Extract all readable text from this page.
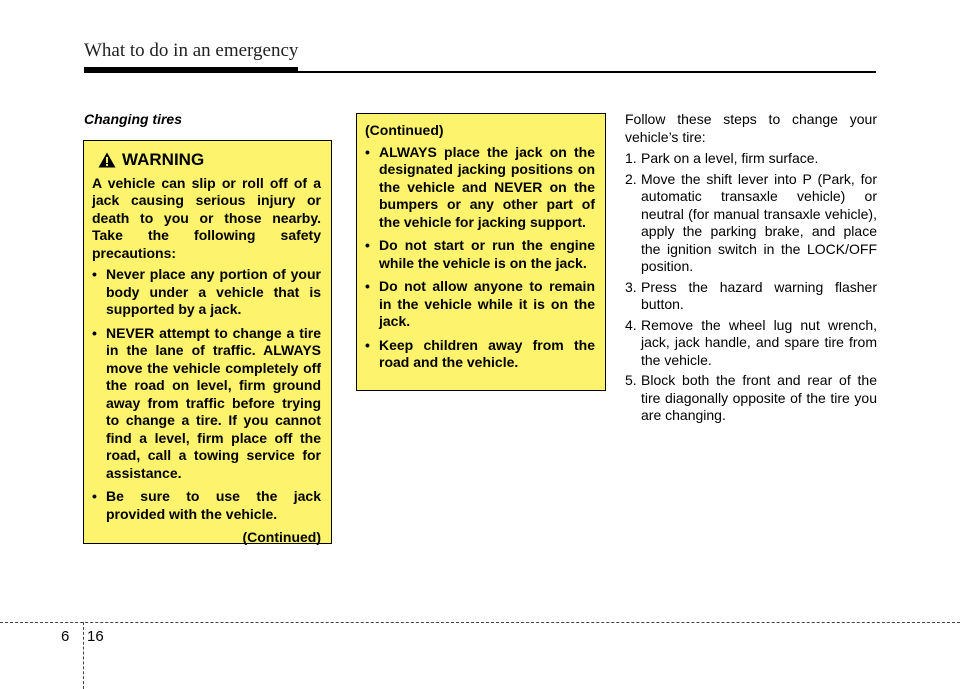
What to do in an emergency
Changing tires
WARNING

A vehicle can slip or roll off of a jack causing serious injury or death to you or those nearby. Take the following safety precautions:

• Never place any portion of your body under a vehicle that is supported by a jack.
• NEVER attempt to change a tire in the lane of traffic. ALWAYS move the vehicle completely off the road on level, firm ground away from traffic before trying to change a tire. If you cannot find a level, firm place off the road, call a towing service for assistance.
• Be sure to use the jack provided with the vehicle.
(Continued)
(Continued)
• ALWAYS place the jack on the designated jacking positions on the vehicle and NEVER on the bumpers or any other part of the vehicle for jacking support.
• Do not start or run the engine while the vehicle is on the jack.
• Do not allow anyone to remain in the vehicle while it is on the jack.
• Keep children away from the road and the vehicle.

Follow these steps to change your vehicle’s tire:

1. Park on a level, firm surface.
2. Move the shift lever into P (Park, for automatic transaxle vehicle) or neutral (for manual transaxle vehicle), apply the parking brake, and place the ignition switch in the LOCK/OFF position.
3. Press the hazard warning flasher button.
4. Remove the wheel lug nut wrench, jack, jack handle, and spare tire from the vehicle.
5. Block both the front and rear of the tire diagonally opposite of the tire you are changing.
6 16
